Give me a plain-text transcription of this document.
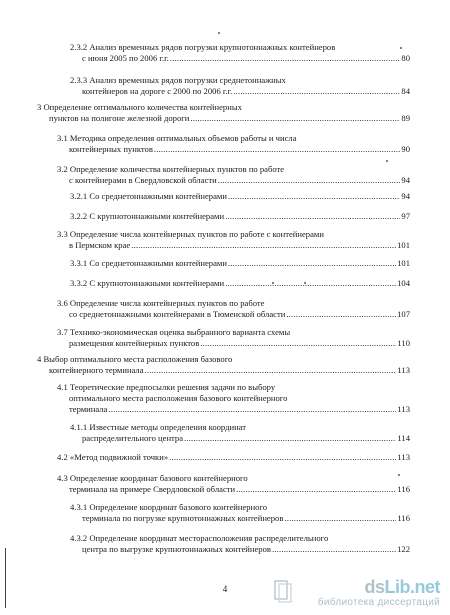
2.3.2 Анализ временных рядов погрузки крупнотоннажных контейнеров
с июня 2005 по 2006 г.г. .....	80
2.3.3 Анализ временных рядов погрузки среднетоннажных
контейнеров на дороге с 2000 по 2006 г.г. .....	84
3 Определение оптимального количества контейнерных
пунктов на полигоне железной дороги .....	89
3.1 Методика определения оптимальных объемов работы и числа
контейнерных пунктов .....	90
3.2 Определение количества контейнерных пунктов по работе
с контейнерами в Свердловской области .....	94
3.2.1 Со среднетоннажными контейнерами .....	94
3.2.2 С крупнотоннажными контейнерами .....	97
3.3 Определение числа контейнерных пунктов по работе с контейнерами
в Пермском крае .....	101
3.3.1 Со среднетоннажными контейнерами .....	101
3.3.2 С крупнотоннажными контейнерами .....	104
3.6 Определение числа контейнерных пунктов по работе
со среднетоннажными контейнерами в Тюменской области .....	107
3.7 Технико-экономическая оценка выбранного варианта схемы
размещения контейнерных пунктов .....	110
4 Выбор оптимального места расположения базового
контейнерного терминала .....	113
4.1 Теоретические предпосылки решения задачи по выбору
оптимального места расположения базового контейнерного
терминала .....	113
4.1.1 Известные методы определения координат
распределительного центра .....	114
4.2 «Метод подвижной точки» .....	113
4.3 Определение координат базового контейнерного
терминала на примере Свердловской области .....	116
4.3.1 Определение координат базового контейнерного
терминала по погрузке крупнотоннажных контейнеров .....	116
4.3.2 Определение координат месторасположения распределительного
центра по выгрузке крупнотоннажных контейнеров .....	122
4	dsLib.net
библиотека диссертаций
